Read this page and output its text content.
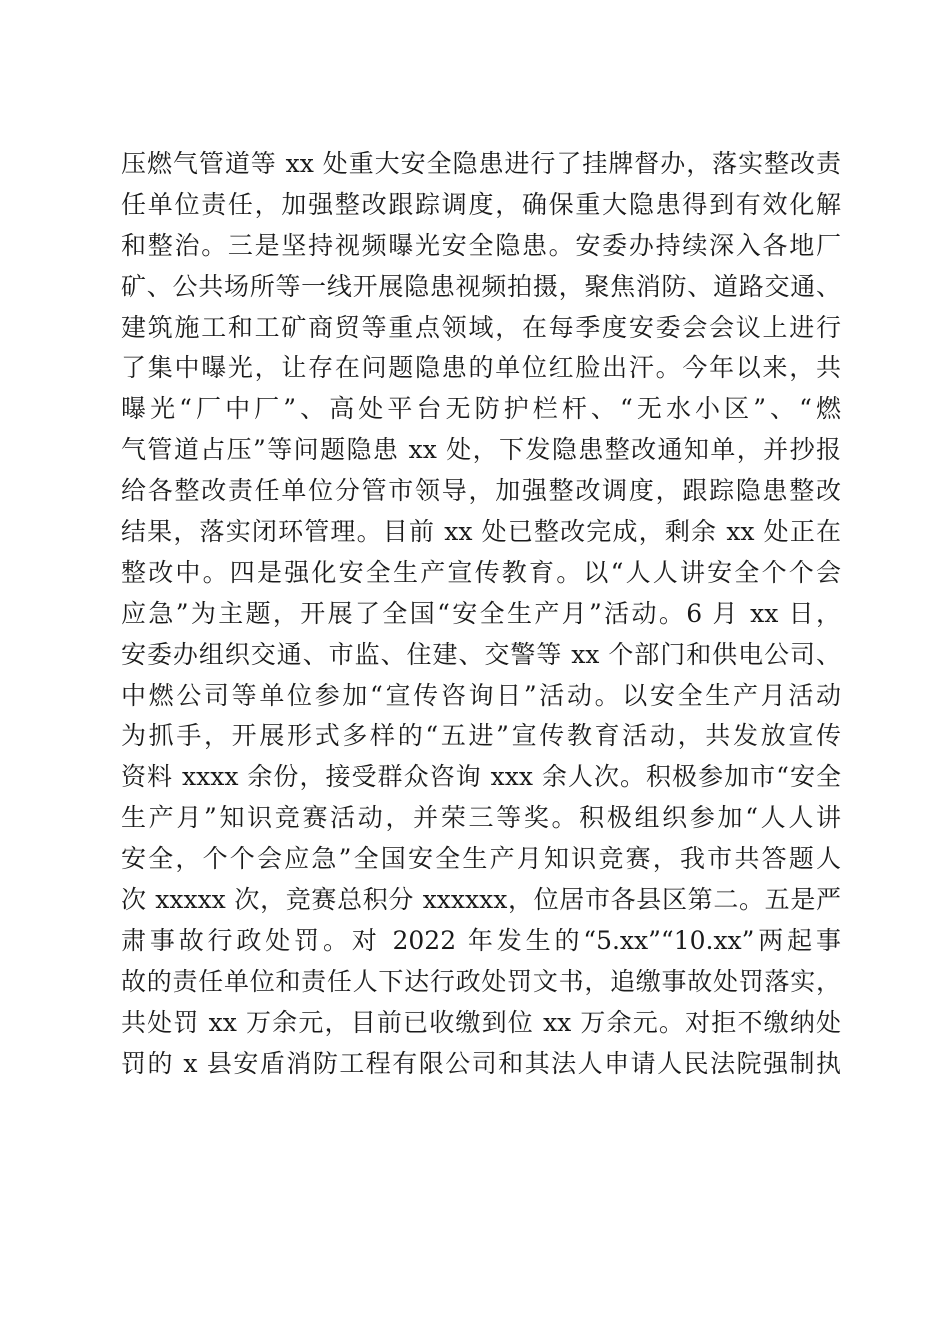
压燃气管道等 xx 处重大安全隐患进行了挂牌督办，落实整改责
任单位责任，加强整改跟踪调度，确保重大隐患得到有效化解
和整治。三是坚持视频曝光安全隐患。安委办持续深入各地厂
矿、公共场所等一线开展隐患视频拍摄，聚焦消防、道路交通、
建筑施工和工矿商贸等重点领域，在每季度安委会会议上进行
了集中曝光，让存在问题隐患的单位红脸出汗。今年以来，共
曝光“厂中厂”、高处平台无防护栏杆、“无水小区”、“燃
气管道占压”等问题隐患 xx 处，下发隐患整改通知单，并抄报
给各整改责任单位分管市领导，加强整改调度，跟踪隐患整改
结果，落实闭环管理。目前 xx 处已整改完成，剩余 xx 处正在
整改中。四是强化安全生产宣传教育。以“人人讲安全个个会
应急”为主题，开展了全国“安全生产月”活动。6 月 xx 日，
安委办组织交通、市监、住建、交警等 xx 个部门和供电公司、
中燃公司等单位参加“宣传咨询日”活动。以安全生产月活动
为抓手，开展形式多样的“五进”宣传教育活动，共发放宣传
资料 xxxx 余份，接受群众咨询 xxx 余人次。积极参加市“安全
生产月”知识竞赛活动，并荣三等奖。积极组织参加“人人讲
安全，个个会应急”全国安全生产月知识竞赛，我市共答题人
次 xxxxx 次，竞赛总积分 xxxxxx，位居市各县区第二。五是严
肃事故行政处罚。对 2022 年发生的“5.xx”“10.xx”两起事
故的责任单位和责任人下达行政处罚文书，追缴事故处罚落实，
共处罚 xx 万余元，目前已收缴到位 xx 万余元。对拒不缴纳处
罚的 x 县安盾消防工程有限公司和其法人申请人民法院强制执
